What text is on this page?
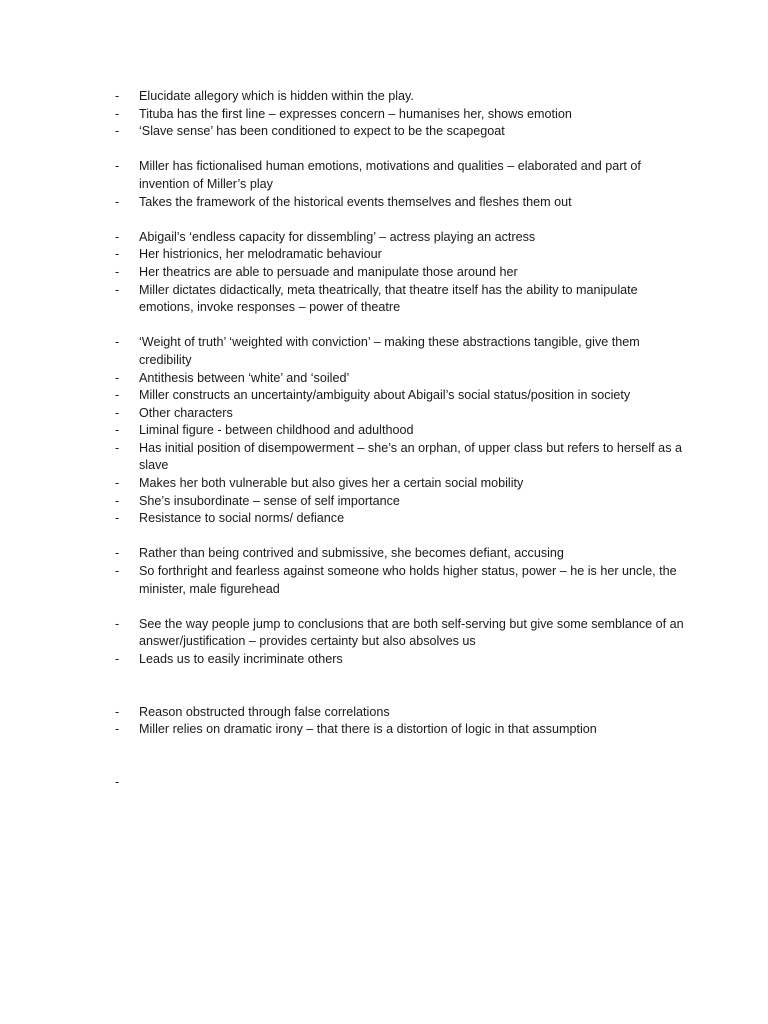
- Elucidate allegory which is hidden within the play.
- Tituba has the first line – expresses concern – humanises her, shows emotion
- ‘Slave sense’ has been conditioned to expect to be the scapegoat
- Miller has fictionalised human emotions, motivations and qualities – elaborated and part of invention of Miller’s play
- Takes the framework of the historical events themselves and fleshes them out
- Abigail’s ‘endless capacity for dissembling’ – actress playing an actress
- Her histrionics, her melodramatic behaviour
- Her theatrics are able to persuade and manipulate those around her
- Miller dictates didactically, meta theatrically, that theatre itself has the ability to manipulate emotions, invoke responses – power of theatre
- ‘Weight of truth’ ‘weighted with conviction’ – making these abstractions tangible, give them credibility
- Antithesis between ‘white’ and ‘soiled’
- Miller constructs an uncertainty/ambiguity about Abigail’s social status/position in society
- Other characters
- Liminal figure - between childhood and adulthood
- Has initial position of disempowerment – she’s an orphan, of upper class but refers to herself as a slave
- Makes her both vulnerable but also gives her a certain social mobility
- She’s insubordinate – sense of self importance
- Resistance to social norms/ defiance
- Rather than being contrived and submissive, she becomes defiant, accusing
- So forthright and fearless against someone who holds higher status, power – he is her uncle, the minister, male figurehead
- See the way people jump to conclusions that are both self-serving but give some semblance of an answer/justification – provides certainty but also absolves us
- Leads us to easily incriminate others
- Reason obstructed through false correlations
- Miller relies on dramatic irony – that there is a distortion of logic in that assumption
-
